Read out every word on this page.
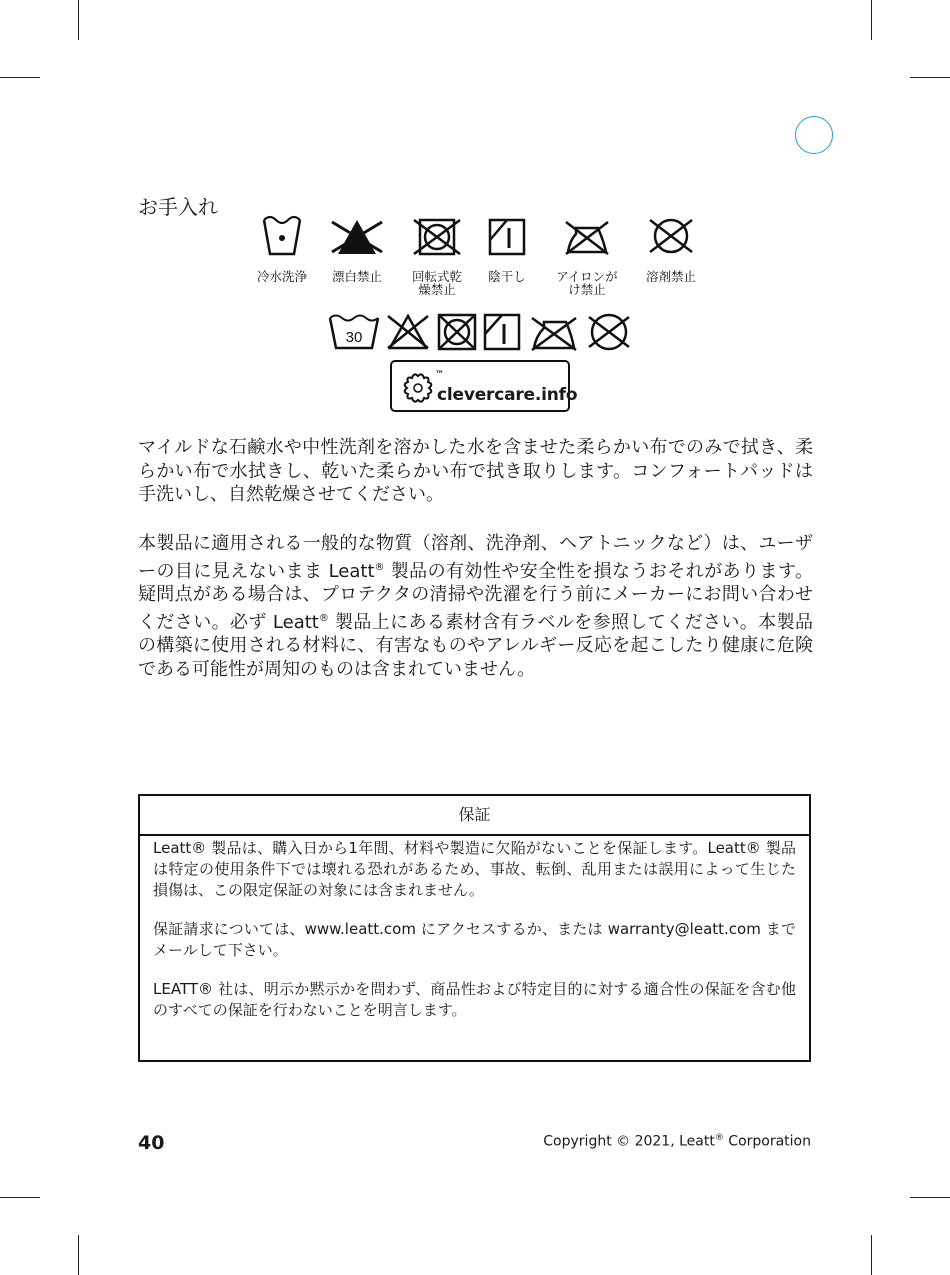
お手入れ
冷水洗浄	漂白禁止	回転式乾燥禁止
陰干し	アイロンがけ禁止
溶剤禁止
30
™
clevercare.info

マイルドな石鹸水や中性洗剤を溶かした水を含ませた柔らかい布でのみで拭き、柔らかい布で水拭きし、乾いた柔らかい布で拭き取りします。コンフォートパッドは手洗いし、自然乾燥させてください。

本製品に適用される一般的な物質（溶剤、洗浄剤、ヘアトニックなど）は、ユーザーの目に見えないまま Leatt® 製品の有効性や安全性を損なうおそれがあります。疑問点がある場合は、プロテクタの清掃や洗濯を行う前にメーカーにお問い合わせください。必ず Leatt® 製品上にある素材含有ラベルを参照してください。本製品の構築に使用される材料に、有害なものやアレルギー反応を起こしたり健康に危険である可能性が周知のものは含まれていません。

保証

Leatt® 製品は、購入日から1年間、材料や製造に欠陥がないことを保証します。Leatt® 製品は特定の使用条件下では壊れる恐れがあるため、事故、転倒、乱用または誤用によって生じた損傷は、この限定保証の対象には含まれません。

保証請求については、www.leatt.com にアクセスするか、または warranty@leatt.com までメールして下さい。

LEATT® 社は、明示か黙示かを問わず、商品性および特定目的に対する適合性の保証を含む他のすべての保証を行わないことを明言します。

40	Copyright © 2021, Leatt® Corporation
